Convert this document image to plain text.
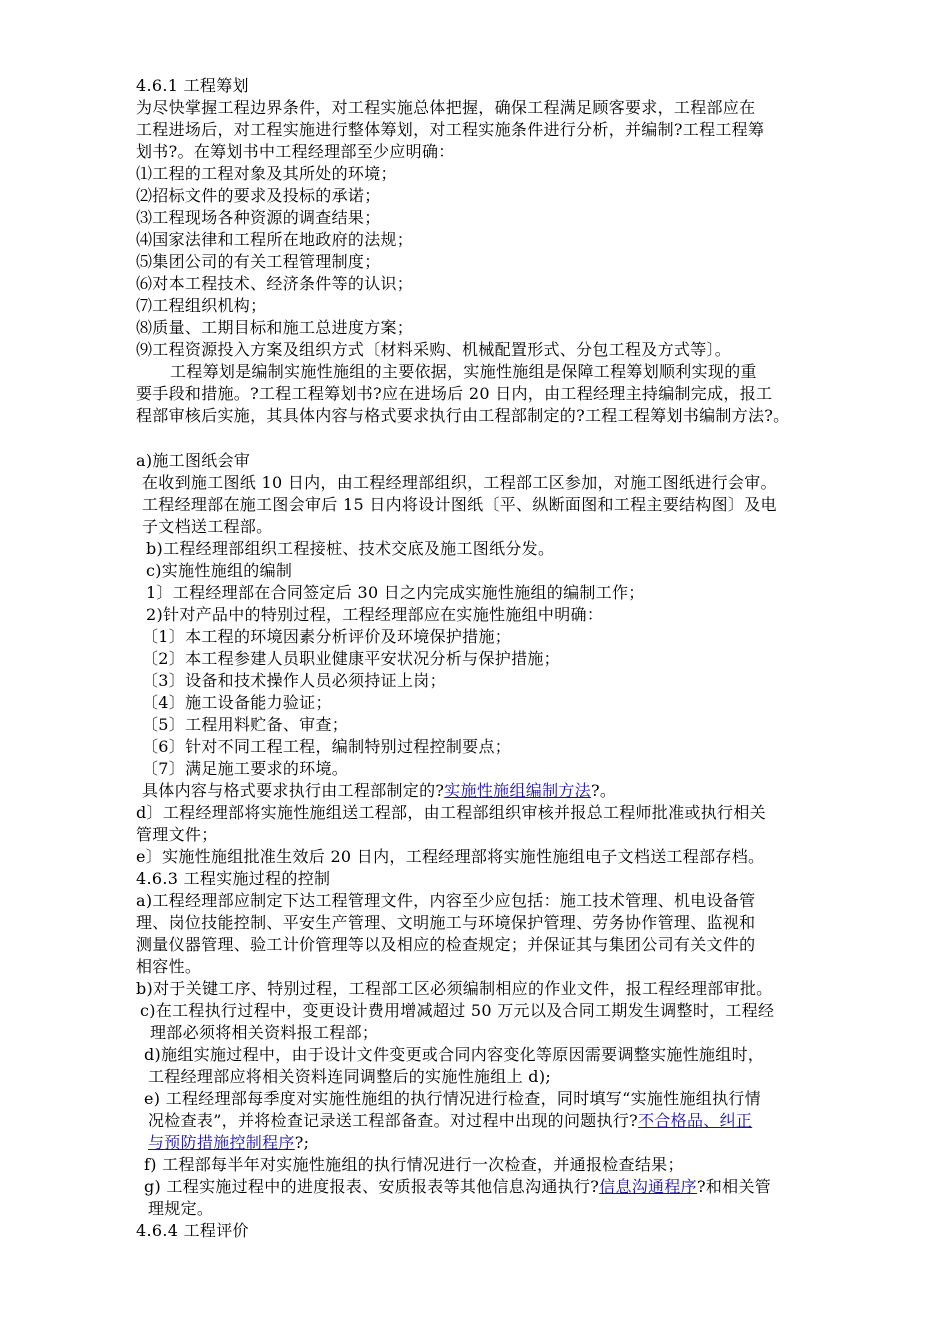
4.6.1 工程筹划
为尽快掌握工程边界条件，对工程实施总体把握，确保工程满足顾客要求，工程部应在
工程进场后，对工程实施进行整体筹划，对工程实施条件进行分析，并编制?工程工程筹
划书?。在筹划书中工程经理部至少应明确：
⑴工程的工程对象及其所处的环境；
⑵招标文件的要求及投标的承诺；
⑶工程现场各种资源的调查结果；
⑷国家法律和工程所在地政府的法规；
⑸集团公司的有关工程管理制度；
⑹对本工程技术、经济条件等的认识；
⑺工程组织机构；
⑻质量、工期目标和施工总进度方案；
⑼工程资源投入方案及组织方式〔材料采购、机械配置形式、分包工程及方式等〕。
工程筹划是编制实施性施组的主要依据，实施性施组是保障工程筹划顺利实现的重
要手段和措施。?工程工程筹划书?应在进场后 20 日内，由工程经理主持编制完成，报工
程部审核后实施，其具体内容与格式要求执行由工程部制定的?工程工程筹划书编制方法?。
a)施工图纸会审
在收到施工图纸 10 日内，由工程经理部组织，工程部工区参加，对施工图纸进行会审。
工程经理部在施工图会审后 15 日内将设计图纸〔平、纵断面图和工程主要结构图〕及电
子文档送工程部。
b)工程经理部组织工程接桩、技术交底及施工图纸分发。
c)实施性施组的编制
1〕工程经理部在合同签定后 30 日之内完成实施性施组的编制工作；
2)针对产品中的特别过程，工程经理部应在实施性施组中明确：
〔1〕本工程的环境因素分析评价及环境保护措施；
〔2〕本工程参建人员职业健康平安状况分析与保护措施；
〔3〕设备和技术操作人员必须持证上岗；
〔4〕施工设备能力验证；
〔5〕工程用料贮备、审查；
〔6〕针对不同工程工程，编制特别过程控制要点；
〔7〕满足施工要求的环境。
具体内容与格式要求执行由工程部制定的?实施性施组编制方法?。
d〕工程经理部将实施性施组送工程部，由工程部组织审核并报总工程师批准或执行相关
管理文件；
e〕实施性施组批准生效后 20 日内，工程经理部将实施性施组电子文档送工程部存档。
4.6.3 工程实施过程的控制
a)工程经理部应制定下达工程管理文件，内容至少应包括：施工技术管理、机电设备管
理、岗位技能控制、平安生产管理、文明施工与环境保护管理、劳务协作管理、监视和
测量仪器管理、验工计价管理等以及相应的检查规定；并保证其与集团公司有关文件的
相容性。
b)对于关键工序、特别过程，工程部工区必须编制相应的作业文件，报工程经理部审批。
c)在工程执行过程中，变更设计费用增减超过 50 万元以及合同工期发生调整时，工程经
理部必须将相关资料报工程部；
d)施组实施过程中，由于设计文件变更或合同内容变化等原因需要调整实施性施组时，
工程经理部应将相关资料连同调整后的实施性施组上 d);
e) 工程经理部每季度对实施性施组的执行情况进行检查，同时填写“实施性施组执行情
况检查表”，并将检查记录送工程部备查。对过程中出现的问题执行?不合格品、纠正
与预防措施控制程序?;
f) 工程部每半年对实施性施组的执行情况进行一次检查，并通报检查结果；
g) 工程实施过程中的进度报表、安质报表等其他信息沟通执行?信息沟通程序?和相关管
理规定。
4.6.4 工程评价
